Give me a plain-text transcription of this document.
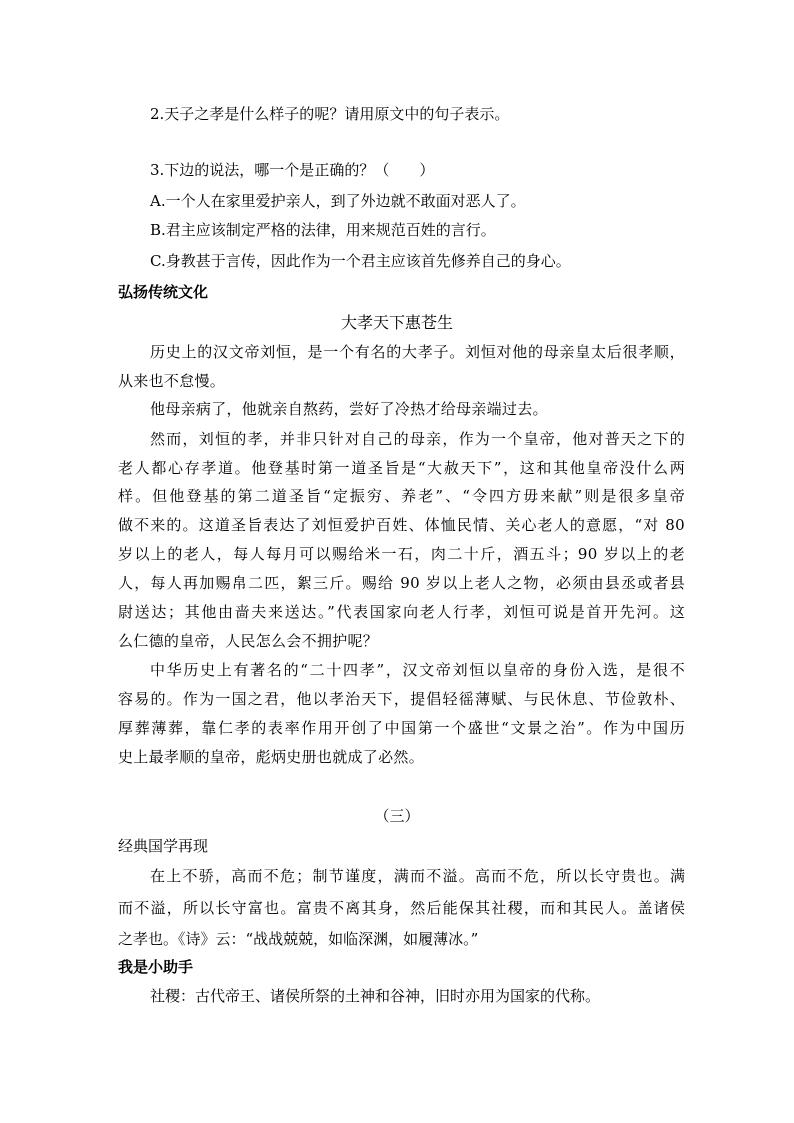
2.天子之孝是什么样子的呢？请用原文中的句子表示。
3.下边的说法，哪一个是正确的？（　　）
A.一个人在家里爱护亲人，到了外边就不敢面对恶人了。
B.君主应该制定严格的法律，用来规范百姓的言行。
C.身教甚于言传，因此作为一个君主应该首先修养自己的身心。
弘扬传统文化
大孝天下惠苍生
历史上的汉文帝刘恒，是一个有名的大孝子。刘恒对他的母亲皇太后很孝顺，
从来也不怠慢。
他母亲病了，他就亲自熬药，尝好了冷热才给母亲端过去。
然而，刘恒的孝，并非只针对自己的母亲，作为一个皇帝，他对普天之下的
老人都心存孝道。他登基时第一道圣旨是“大赦天下”，这和其他皇帝没什么两
样。但他登基的第二道圣旨“定振穷、养老”、“令四方毋来献”则是很多皇帝
做不来的。这道圣旨表达了刘恒爱护百姓、体恤民情、关心老人的意愿，“对 80
岁以上的老人，每人每月可以赐给米一石，肉二十斤，酒五斗；90 岁以上的老
人，每人再加赐帛二匹，絮三斤。赐给 90 岁以上老人之物，必须由县丞或者县
尉送达；其他由啬夫来送达。”代表国家向老人行孝，刘恒可说是首开先河。这
么仁德的皇帝，人民怎么会不拥护呢？
中华历史上有著名的“二十四孝”，汉文帝刘恒以皇帝的身份入选，是很不
容易的。作为一国之君，他以孝治天下，提倡轻徭薄赋、与民休息、节俭敦朴、
厚葬薄葬，靠仁孝的表率作用开创了中国第一个盛世“文景之治”。作为中国历
史上最孝顺的皇帝，彪炳史册也就成了必然。
（三）
经典国学再现
在上不骄，高而不危；制节谨度，满而不溢。高而不危，所以长守贵也。满
而不溢，所以长守富也。富贵不离其身，然后能保其社稷，而和其民人。盖诸侯
之孝也。《诗》云：“战战兢兢，如临深渊，如履薄冰。”
我是小助手
社稷：古代帝王、诸侯所祭的土神和谷神，旧时亦用为国家的代称。
